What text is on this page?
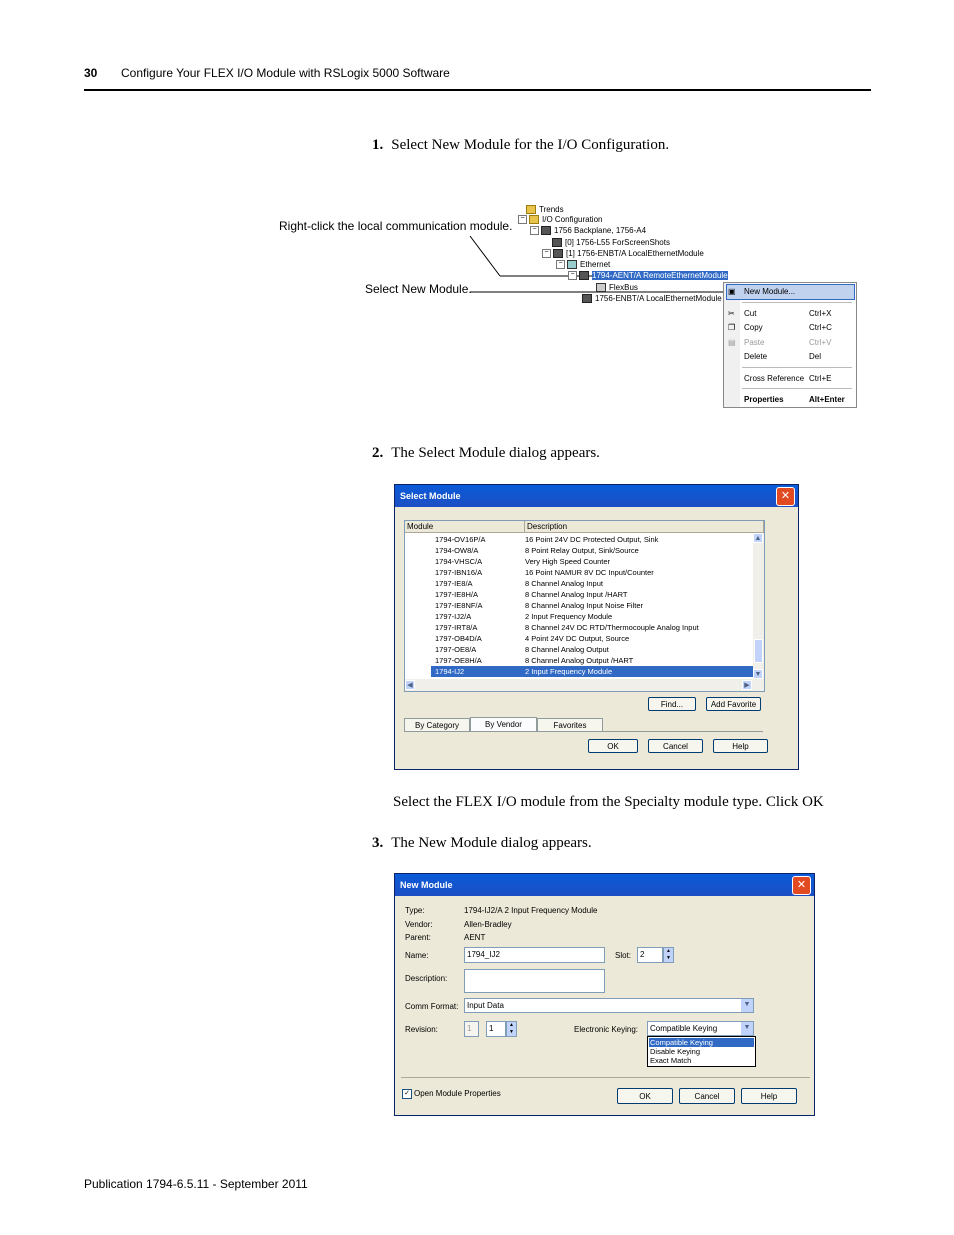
30 Configure Your FLEX I/O Module with RSLogix 5000 Software
1. Select New Module for the I/O Configuration.
Right-click the local communication module.
Select New Module.
Trends
− I/O Configuration
− 1756 Backplane, 1756-A4
[0] 1756-L55 ForScreenShots
− [1] 1756-ENBT/A LocalEthernetModule
− Ethernet
− 1794-AENT/A RemoteEthernetModule
FlexBus
1756-ENBT/A LocalEthernetModule
▣ New Module...
✂ Cut	Ctrl+X
❐ Copy	Ctrl+C
▤ Paste	Ctrl+V
Delete	Del
Cross Reference Ctrl+E
Properties	Alt+Enter
2. The Select Module dialog appears.
Select Module	✕
Module	Description
1794-OV16P/A	16 Point 24V DC Protected Output, Sink
1794-OW8/A	8 Point Relay Output, Sink/Source
1794-VHSC/A	Very High Speed Counter
1797-IBN16/A	16 Point NAMUR 8V DC Input/Counter
1797-IE8/A	8 Channel Analog Input
1797-IE8H/A	8 Channel Analog Input /HART
1797-IE8NF/A	8 Channel Analog Input Noise Filter
1797-IJ2/A	2 Input Frequency Module
1797-IRT8/A	8 Channel 24V DC RTD/Thermocouple Analog Input
1797-OB4D/A	4 Point 24V DC Output, Source
1797-OE8/A	8 Channel Analog Output
1797-OE8H/A	8 Channel Analog Output /HART
1794-IJ2	2 Input Frequency Module
▲
▼
◀	▶
Find...	Add Favorite
By Category	By Vendor	Favorites
OK	Cancel	Help
Select the FLEX I/O module from the Specialty module type. Click OK
3. The New Module dialog appears.
New Module	✕
Type:	1794-IJ2/A 2 Input Frequency Module
Vendor:	Allen-Bradley
Parent:	AENT
Name:	1794_IJ2	Slot:	2	▲
▼
Description:
Comm Format:	Input Data	▼
Revision:	1	1	▲
▼	Electronic Keying:	Compatible Keying	▼
Compatible Keying
Disable Keying
Exact Match
✓ Open Module Properties	OK	Cancel	Help
Publication 1794-6.5.11 - September 2011
